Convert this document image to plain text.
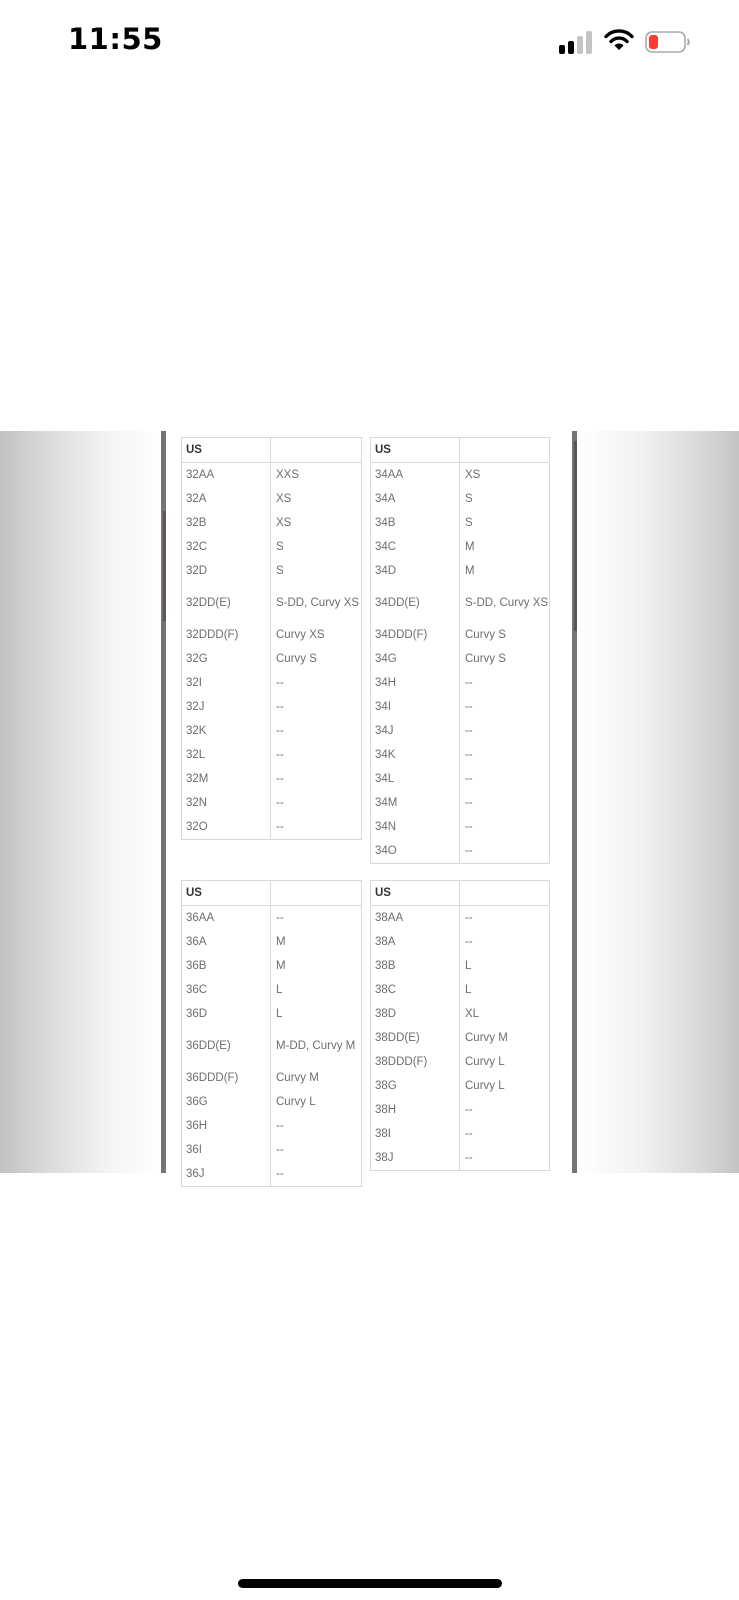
11:55
US
32AA	XXS
32A	XS
32B	XS
32C	S
32D	S
32DD(E)	S-DD, Curvy XS
32DDD(F)	Curvy XS
32G	Curvy S
32I	--
32J	--
32K	--
32L	--
32M	--
32N	--
32O	--
US
34AA	XS
34A	S
34B	S
34C	M
34D	M
34DD(E)	S-DD, Curvy XS
34DDD(F)	Curvy S
34G	Curvy S
34H	--
34I	--
34J	--
34K	--
34L	--
34M	--
34N	--
34O	--
US
36AA	--
36A	M
36B	M
36C	L
36D	L
36DD(E)	M-DD, Curvy M
36DDD(F)	Curvy M
36G	Curvy L
36H	--
36I	--
36J	--
US
38AA	--
38A	--
38B	L
38C	L
38D	XL
38DD(E)	Curvy M
38DDD(F)	Curvy L
38G	Curvy L
38H	--
38I	--
38J	--
